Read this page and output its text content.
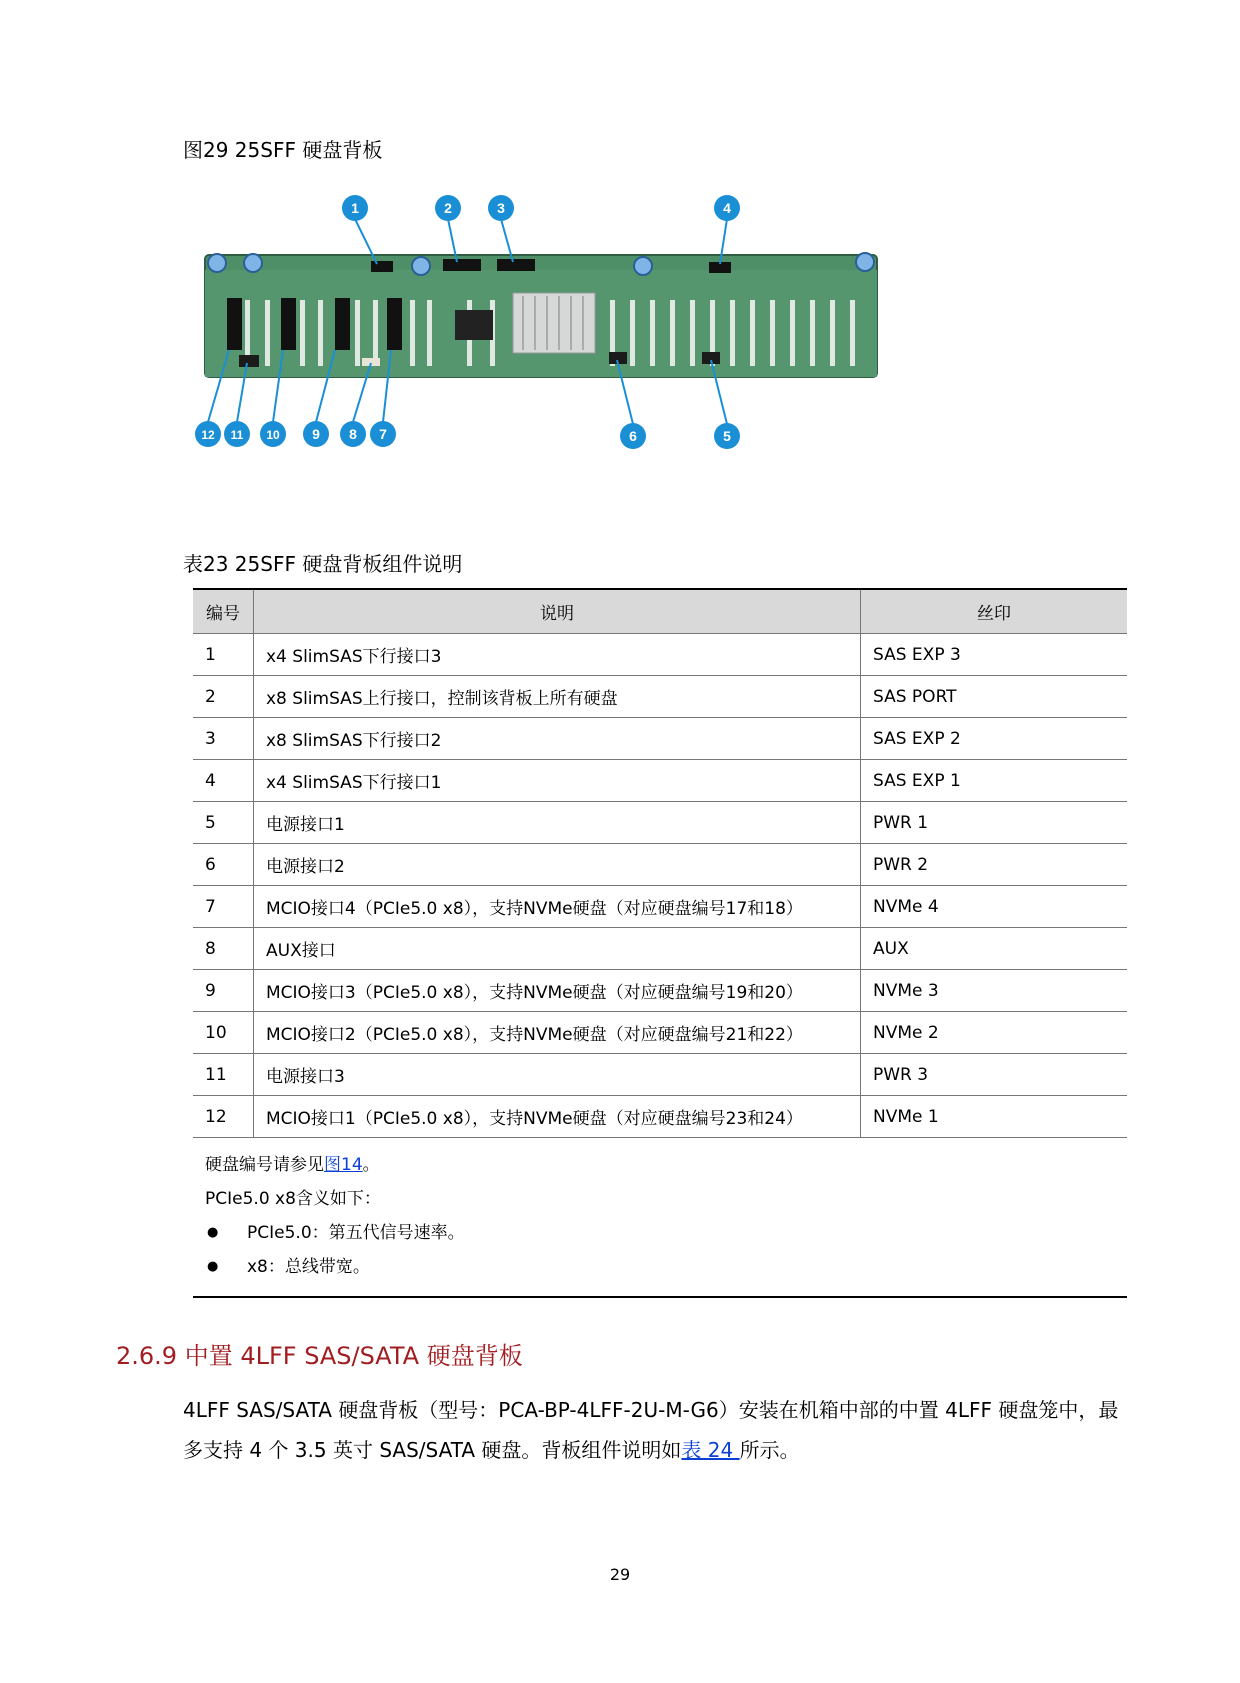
图29 25SFF 硬盘背板
1	2	3	4
5
6
7
8
9
10
11
12
表23 25SFF 硬盘背板组件说明
编号	说明	丝印
1	x4 SlimSAS下行接口3	SAS EXP 3
2	x8 SlimSAS上行接口，控制该背板上所有硬盘	SAS PORT
3	x8 SlimSAS下行接口2	SAS EXP 2
4	x4 SlimSAS下行接口1	SAS EXP 1
5	电源接口1	PWR 1
6	电源接口2	PWR 2
7	MCIO接口4（PCIe5.0 x8），支持NVMe硬盘（对应硬盘编号17和18）	NVMe 4
8	AUX接口	AUX
9	MCIO接口3（PCIe5.0 x8），支持NVMe硬盘（对应硬盘编号19和20）	NVMe 3
10	MCIO接口2（PCIe5.0 x8），支持NVMe硬盘（对应硬盘编号21和22）	NVMe 2
11	电源接口3	PWR 3
12	MCIO接口1（PCIe5.0 x8），支持NVMe硬盘（对应硬盘编号23和24）	NVMe 1

硬盘编号请参见图14。
PCIe5.0 x8含义如下：
● PCIe5.0：第五代信号速率。
● x8：总线带宽。
2.6.9 中置 4LFF SAS/SATA 硬盘背板
4LFF SAS/SATA 硬盘背板（型号：PCA-BP-4LFF-2U-M-G6）安装在机箱中部的中置 4LFF 硬盘笼中，最多支持 4 个 3.5 英寸 SAS/SATA 硬盘。背板组件说明如表 24 所示。
29
